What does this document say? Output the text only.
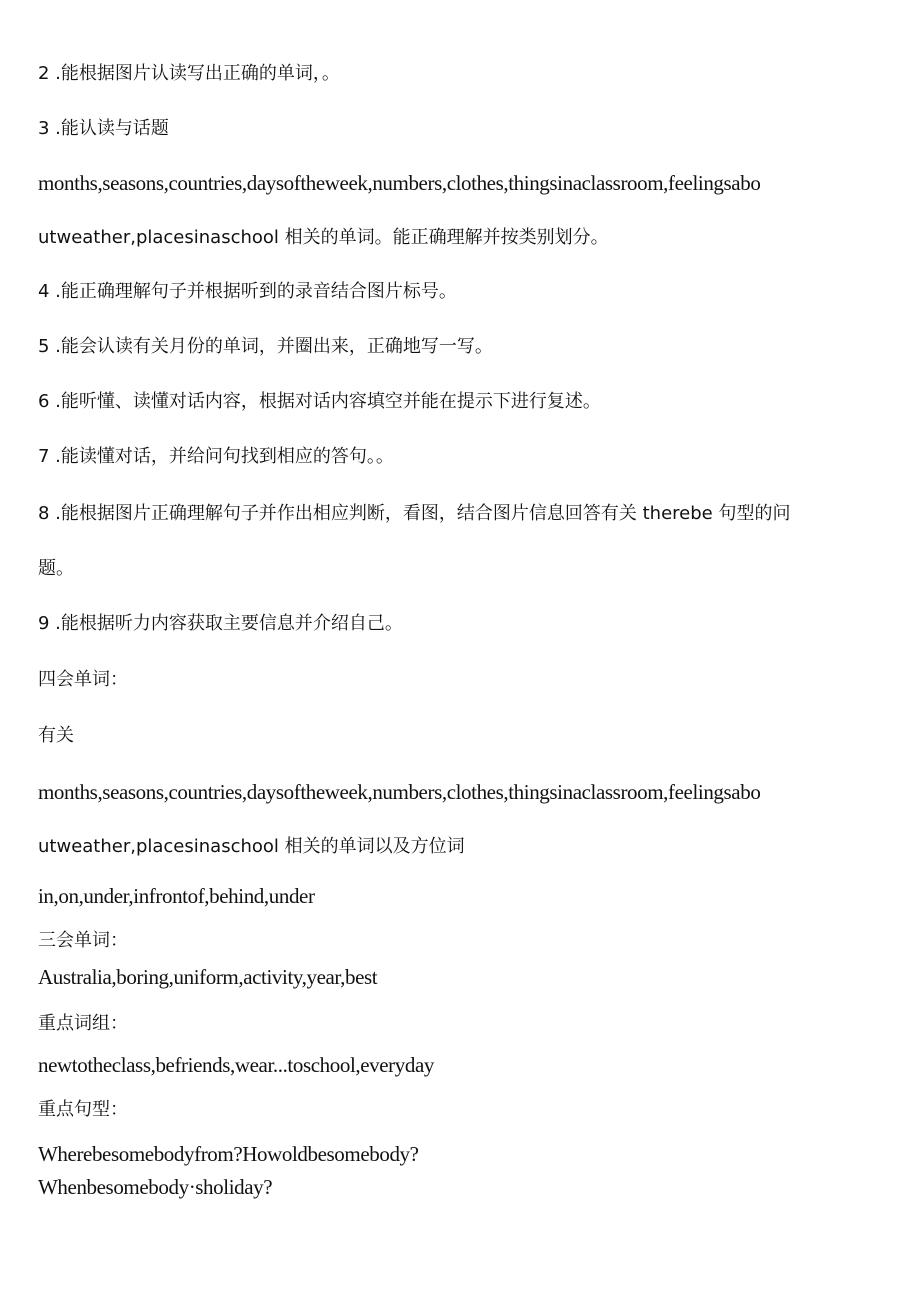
2 .能根据图片认读写出正确的单词，。
3 .能认读与话题
months,seasons,countries,daysoftheweek,numbers,clothes,thingsinaclassroom,feelingsabo
utweather,placesinaschool 相关的单词。能正确理解并按类别划分。
4 .能正确理解句子并根据听到的录音结合图片标号。
5 .能会认读有关月份的单词，并圈出来，正确地写一写。
6 .能听懂、读懂对话内容，根据对话内容填空并能在提示下进行复述。
7 .能读懂对话，并给问句找到相应的答句。。
8 .能根据图片正确理解句子并作出相应判断，看图，结合图片信息回答有关 therebe 句型的问
题。
9 .能根据听力内容获取主要信息并介绍自己。
四会单词：
有关
months,seasons,countries,daysoftheweek,numbers,clothes,thingsinaclassroom,feelingsabo
utweather,placesinaschool 相关的单词以及方位词
in,on,under,infrontof,behind,under
三会单词：
Australia,boring,uniform,activity,year,best
重点词组：
newtotheclass,befriends,wear...toschool,everyday
重点句型：
Wherebesomebodyfrom?Howoldbesomebody?
Whenbesomebody·sholiday?
